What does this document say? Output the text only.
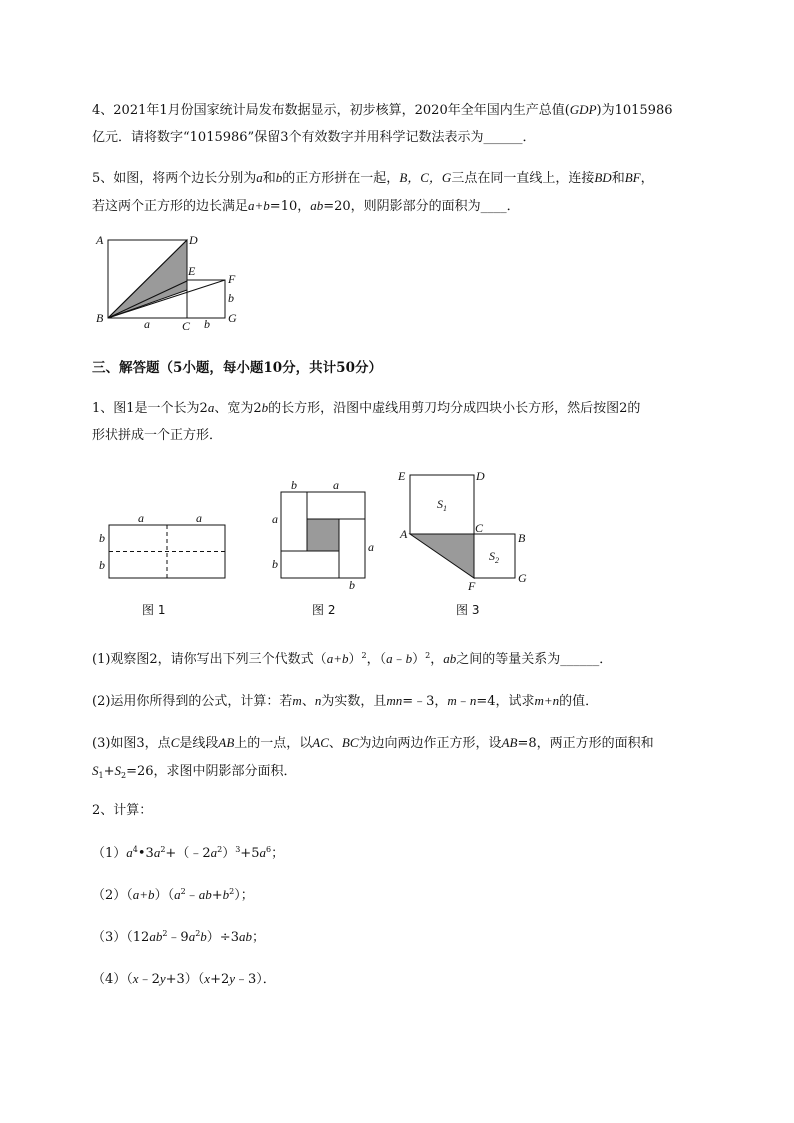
4、2021年1月份国家统计局发布数据显示，初步核算，2020年全年国内生产总值(GDP)为1015986
亿元．请将数字“1015986”保留3个有效数字并用科学记数法表示为______．

5、如图，将两个边长分别为a和b的正方形拼在一起，B，C，G三点在同一直线上，连接BD和BF，
若这两个正方形的边长满足a+b=10，ab=20，则阴影部分的面积为____．

A	D
E
F
b
B	a	C b G

三、解答题（5小题，每小题10分，共计50分）

1、图1是一个长为2a、宽为2b的长方形，沿图中虚线用剪刀均分成四块小长方形，然后按图2的
形状拼成一个正方形．

a	a
b
b
图 1
b	a
a
b
a
b
图 2
E	D
$S_1$
A	C
B
$S_2$
F
G
图 3

(1)观察图2，请你写出下列三个代数式$(a+b)^2$，（a﹣b）$^2$，ab之间的等量关系为______．

(2)运用你所得到的公式，计算：若m、n为实数，且mn=﹣3，m﹣n=4，试求m+n的值．

(3)如图3，点C是线段AB上的一点，以AC、BC为边向两边作正方形，设AB=8，两正方形的面积和
$S_1+S_2=26$，求图中阴影部分面积．

2、计算：

$(1)a^4•3a^2+(﹣2a^2)^3+5a^6$；

$(2)(a+b)(a^2﹣ab+b^2)$；

$(3)(12ab^2﹣9a^2b)\div 3ab$；

（4）（x﹣2y+3）（x+2y﹣3）．
